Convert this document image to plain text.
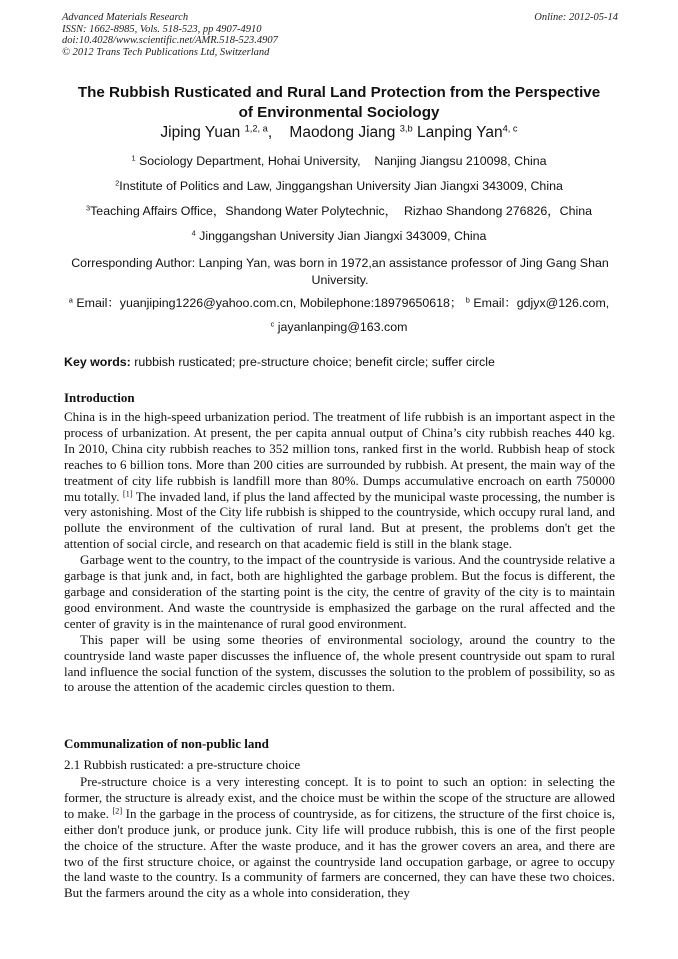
Advanced Materials Research
ISSN: 1662-8985, Vols. 518-523, pp 4907-4910
doi:10.4028/www.scientific.net/AMR.518-523.4907
© 2012 Trans Tech Publications Ltd, Switzerland
Online: 2012-05-14
The Rubbish Rusticated and Rural Land Protection from the Perspective
of Environmental Sociology
Jiping Yuan $^{1,2, a}$, Maodong Jiang $^{3,b}$ Lanping Yan$^{4, c}$
$^1$ Sociology Department, Hohai University,    Nanjing Jiangsu 210098, China
$^2$Institute of Politics and Law, Jinggangshan University Jian Jiangxi 343009, China
$^3$Teaching Affairs Office，Shandong Water Polytechnic，  Rizhao Shandong 276826，China
$^4$ Jinggangshan University Jian Jiangxi 343009, China
Corresponding Author: Lanping Yan, was born in 1972,an assistance professor of Jing Gang Shan University.
$^a$ Email：yuanjiping1226@yahoo.com.cn, Mobilephone:18979650618； $^b$ Email：gdjyx@126.com,
$^c$ jayanlanping@163.com
Key words: rubbish rusticated; pre-structure choice; benefit circle; suffer circle
Introduction

China is in the high-speed urbanization period. The treatment of life rubbish is an important aspect in the process of urbanization. At present, the per capita annual output of China’s city rubbish reaches 440 kg. In 2010, China city rubbish reaches to 352 million tons, ranked first in the world. Rubbish heap of stock reaches to 6 billion tons. More than 200 cities are surrounded by rubbish. At present, the main way of the treatment of city life rubbish is landfill more than 80%. Dumps accumulative encroach on earth 750000 mu totally. [1] The invaded land, if plus the land affected by the municipal waste processing, the number is very astonishing. Most of the City life rubbish is shipped to the countryside, which occupy rural land, and pollute the environment of the cultivation of rural land. But at present, the problems don't get the attention of social circle, and research on that academic field is still in the blank stage.

Garbage went to the country, to the impact of the countryside is various. And the countryside relative a garbage is that junk and, in fact, both are highlighted the garbage problem. But the focus is different, the garbage and consideration of the starting point is the city, the centre of gravity of the city is to maintain good environment. And waste the countryside is emphasized the garbage on the rural affected and the center of gravity is in the maintenance of rural good environment.

This paper will be using some theories of environmental sociology, around the country to the countryside land waste paper discusses the influence of, the whole present countryside out spam to rural land influence the social function of the system, discusses the solution to the problem of possibility, so as to arouse the attention of the academic circles question to them.

Communalization of non-public land
2.1 Rubbish rusticated: a pre-structure choice

Pre-structure choice is a very interesting concept. It is to point to such an option: in selecting the former, the structure is already exist, and the choice must be within the scope of the structure are allowed to make. [2] In the garbage in the process of countryside, as for citizens, the structure of the first choice is, either don't produce junk, or produce junk. City life will produce rubbish, this is one of the first people the choice of the structure. After the waste produce, and it has the grower covers an area, and there are two of the first structure choice, or against the countryside land occupation garbage, or agree to occupy the land waste to the country. Is a community of farmers are concerned, they can have these two choices. But the farmers around the city as a whole into consideration, they
